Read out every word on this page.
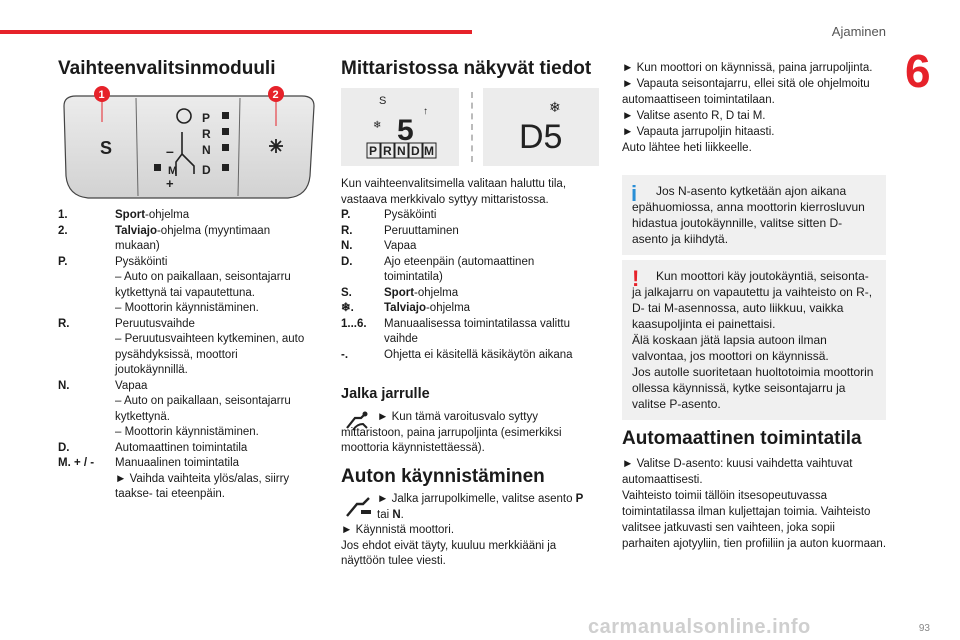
Ajaminen
6
93
carmanualsonline.info
Vaihteenvalitsinmoduuli
S
P
R
N
D
–
M
+
1	2
1.	Sport-ohjelma
2.	Talviajo-ohjelma (myyntimaan mukaan)
P.	Pysäköinti
– Auto on paikallaan, seisontajarru kytkettynä tai vapautettuna.
– Moottorin käynnistäminen.
R.	Peruutusvaihde
– Peruutusvaihteen kytkeminen, auto pysähdyksissä, moottori joutokäynnillä.
N.	Vapaa
– Auto on paikallaan, seisontajarru kytkettynä.
– Moottorin käynnistäminen.
D.	Automaattinen toimintatila
M. + / -	Manuaalinen toimintatila
► Vaihda vaihteita ylös/alas, siirry taakse- tai eteenpäin.
Mittaristossa näkyvät tiedot
S
5
❄
↑
P R N D M	D5
❄
Kun vaihteenvalitsimella valitaan haluttu tila, vastaava merkkivalo syttyy mittaristossa.
P.	Pysäköinti
R.	Peruuttaminen
N.	Vapaa
D.	Ajo eteenpäin (automaattinen toimintatila)
S.	Sport-ohjelma
❄.	Talviajo-ohjelma
1...6.	Manuaalisessa toimintatilassa valittu vaihde
-.	Ohjetta ei käsitellä käsikäytön aikana
Jalka jarrulle
► Kun tämä varoitusvalo syttyy mittaristoon, paina jarrupoljinta (esimerkiksi moottoria käynnistettäessä).
Auton käynnistäminen
► Jalka jarrupolkimelle, valitse asento P tai N.
► Käynnistä moottori.
Jos ehdot eivät täyty, kuuluu merkkiääni ja näyttöön tulee viesti.
► Kun moottori on käynnissä, paina jarrupoljinta.
► Vapauta seisontajarru, ellei sitä ole ohjelmoitu automaattiseen toimintatilaan.
► Valitse asento R, D tai M.
► Vapauta jarrupoljin hitaasti.
Auto lähtee heti liikkeelle.
i	Jos N-asento kytketään ajon aikana epähuomiossa, anna moottorin kierrosluvun hidastua joutokäynnille, valitse sitten D-asento ja kiihdytä.
!	Kun moottori käy joutokäyntiä, seisonta- ja jalkajarru on vapautettu ja vaihteisto on R-, D- tai M-asennossa, auto liikkuu, vaikka kaasupoljinta ei painettaisi.
Älä koskaan jätä lapsia autoon ilman valvontaa, jos moottori on käynnissä.
Jos autolle suoritetaan huoltotoimia moottorin ollessa käynnissä, kytke seisontajarru ja valitse P-asento.
Automaattinen toimintatila
► Valitse D-asento: kuusi vaihdetta vaihtuvat automaattisesti.
Vaihteisto toimii tällöin itsesopeutuvassa toimintatilassa ilman kuljettajan toimia. Vaihteisto valitsee jatkuvasti sen vaihteen, joka sopii parhaiten ajotyyliin, tien profiiliin ja auton kuormaan.
